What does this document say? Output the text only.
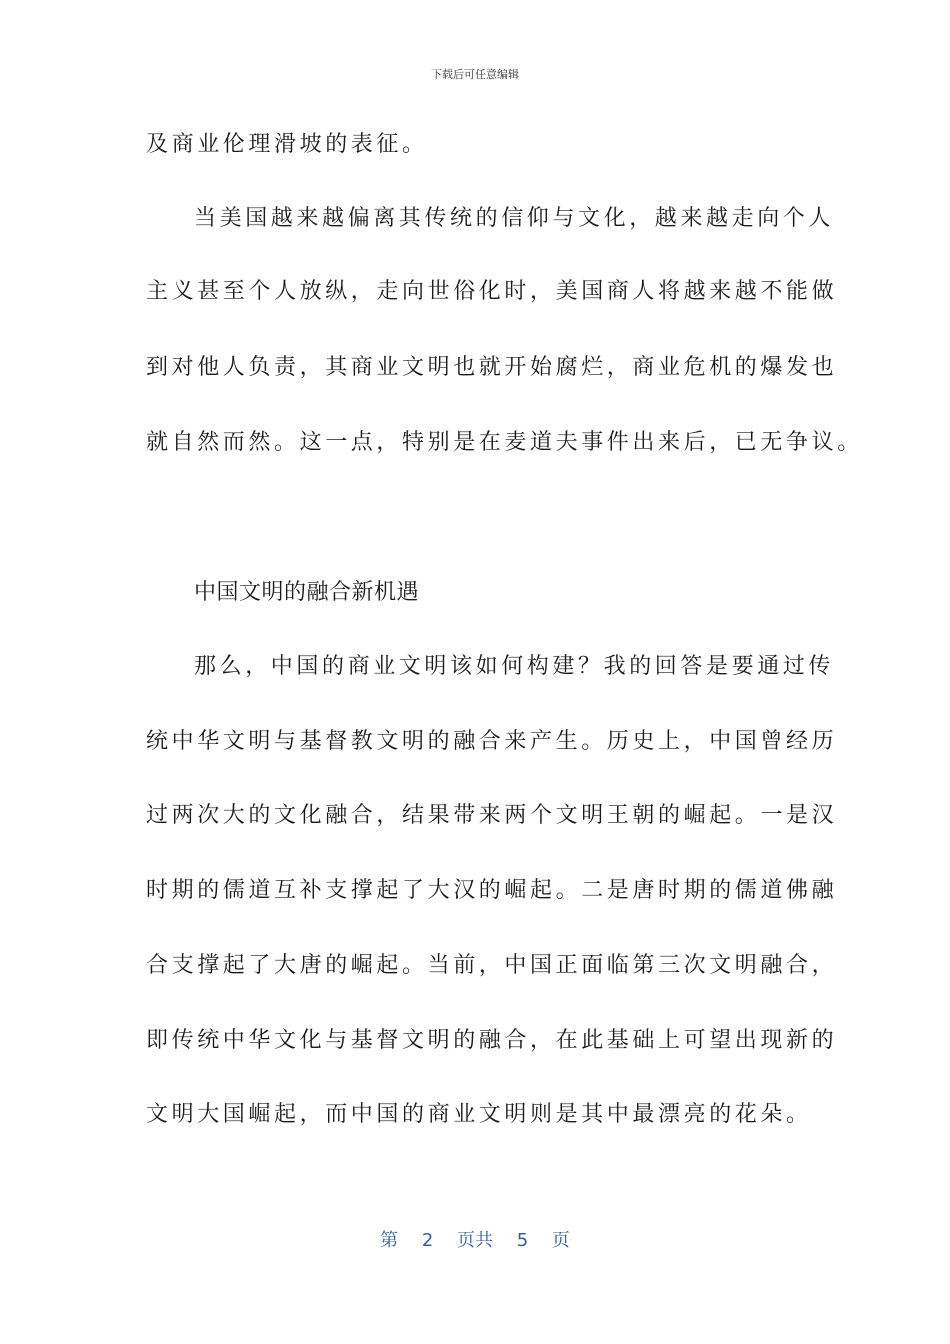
下载后可任意编辑
及商业伦理滑坡的表征。
当美国越来越偏离其传统的信仰与文化，越来越走向个人
主义甚至个人放纵，走向世俗化时，美国商人将越来越不能做
到对他人负责，其商业文明也就开始腐烂，商业危机的爆发也
就自然而然。这一点，特别是在麦道夫事件出来后，已无争议。
中国文明的融合新机遇
那么，中国的商业文明该如何构建？我的回答是要通过传
统中华文明与基督教文明的融合来产生。历史上，中国曾经历
过两次大的文化融合，结果带来两个文明王朝的崛起。一是汉
时期的儒道互补支撑起了大汉的崛起。二是唐时期的儒道佛融
合支撑起了大唐的崛起。当前，中国正面临第三次文明融合，
即传统中华文化与基督文明的融合，在此基础上可望出现新的
文明大国崛起，而中国的商业文明则是其中最漂亮的花朵。
第 2 页共 5 页
